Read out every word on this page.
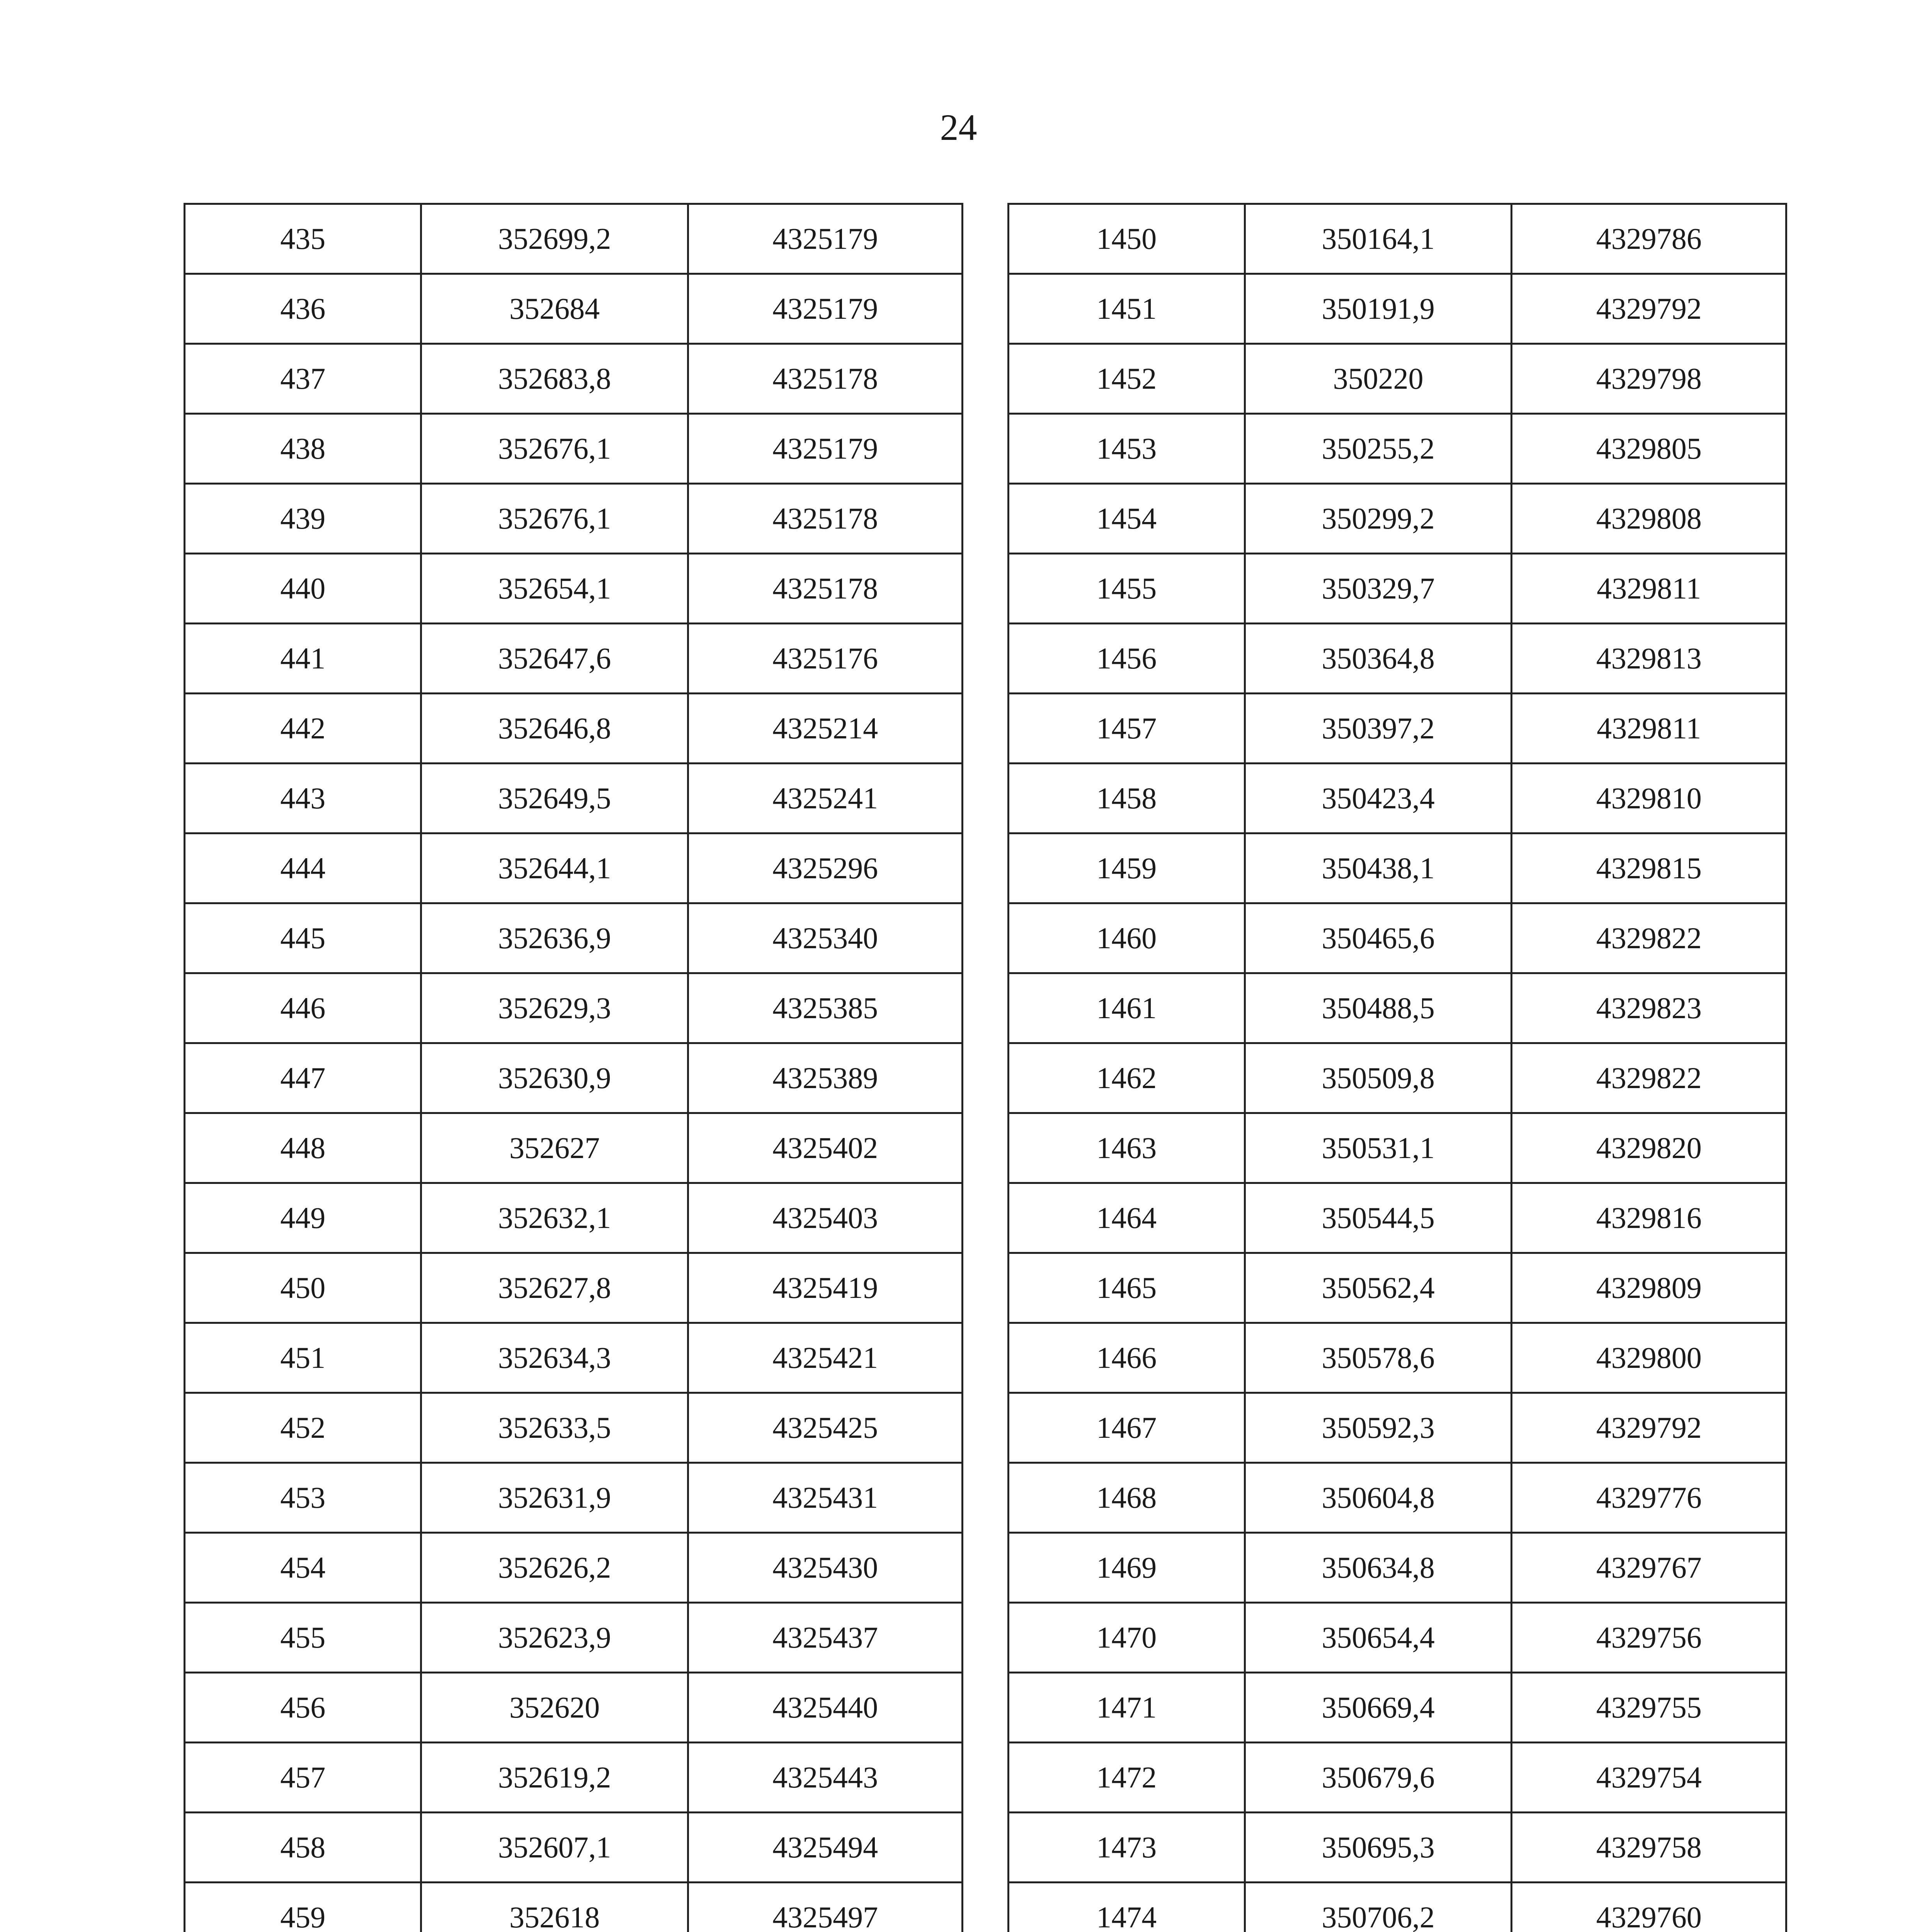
24
435	352699,2	4325179		1450	350164,1	4329786
436	352684	4325179		1451	350191,9	4329792
437	352683,8	4325178		1452	350220	4329798
438	352676,1	4325179		1453	350255,2	4329805
439	352676,1	4325178		1454	350299,2	4329808
440	352654,1	4325178		1455	350329,7	4329811
441	352647,6	4325176		1456	350364,8	4329813
442	352646,8	4325214		1457	350397,2	4329811
443	352649,5	4325241		1458	350423,4	4329810
444	352644,1	4325296		1459	350438,1	4329815
445	352636,9	4325340		1460	350465,6	4329822
446	352629,3	4325385		1461	350488,5	4329823
447	352630,9	4325389		1462	350509,8	4329822
448	352627	4325402		1463	350531,1	4329820
449	352632,1	4325403		1464	350544,5	4329816
450	352627,8	4325419		1465	350562,4	4329809
451	352634,3	4325421		1466	350578,6	4329800
452	352633,5	4325425		1467	350592,3	4329792
453	352631,9	4325431		1468	350604,8	4329776
454	352626,2	4325430		1469	350634,8	4329767
455	352623,9	4325437		1470	350654,4	4329756
456	352620	4325440		1471	350669,4	4329755
457	352619,2	4325443		1472	350679,6	4329754
458	352607,1	4325494		1473	350695,3	4329758
459	352618	4325497		1474	350706,2	4329760
